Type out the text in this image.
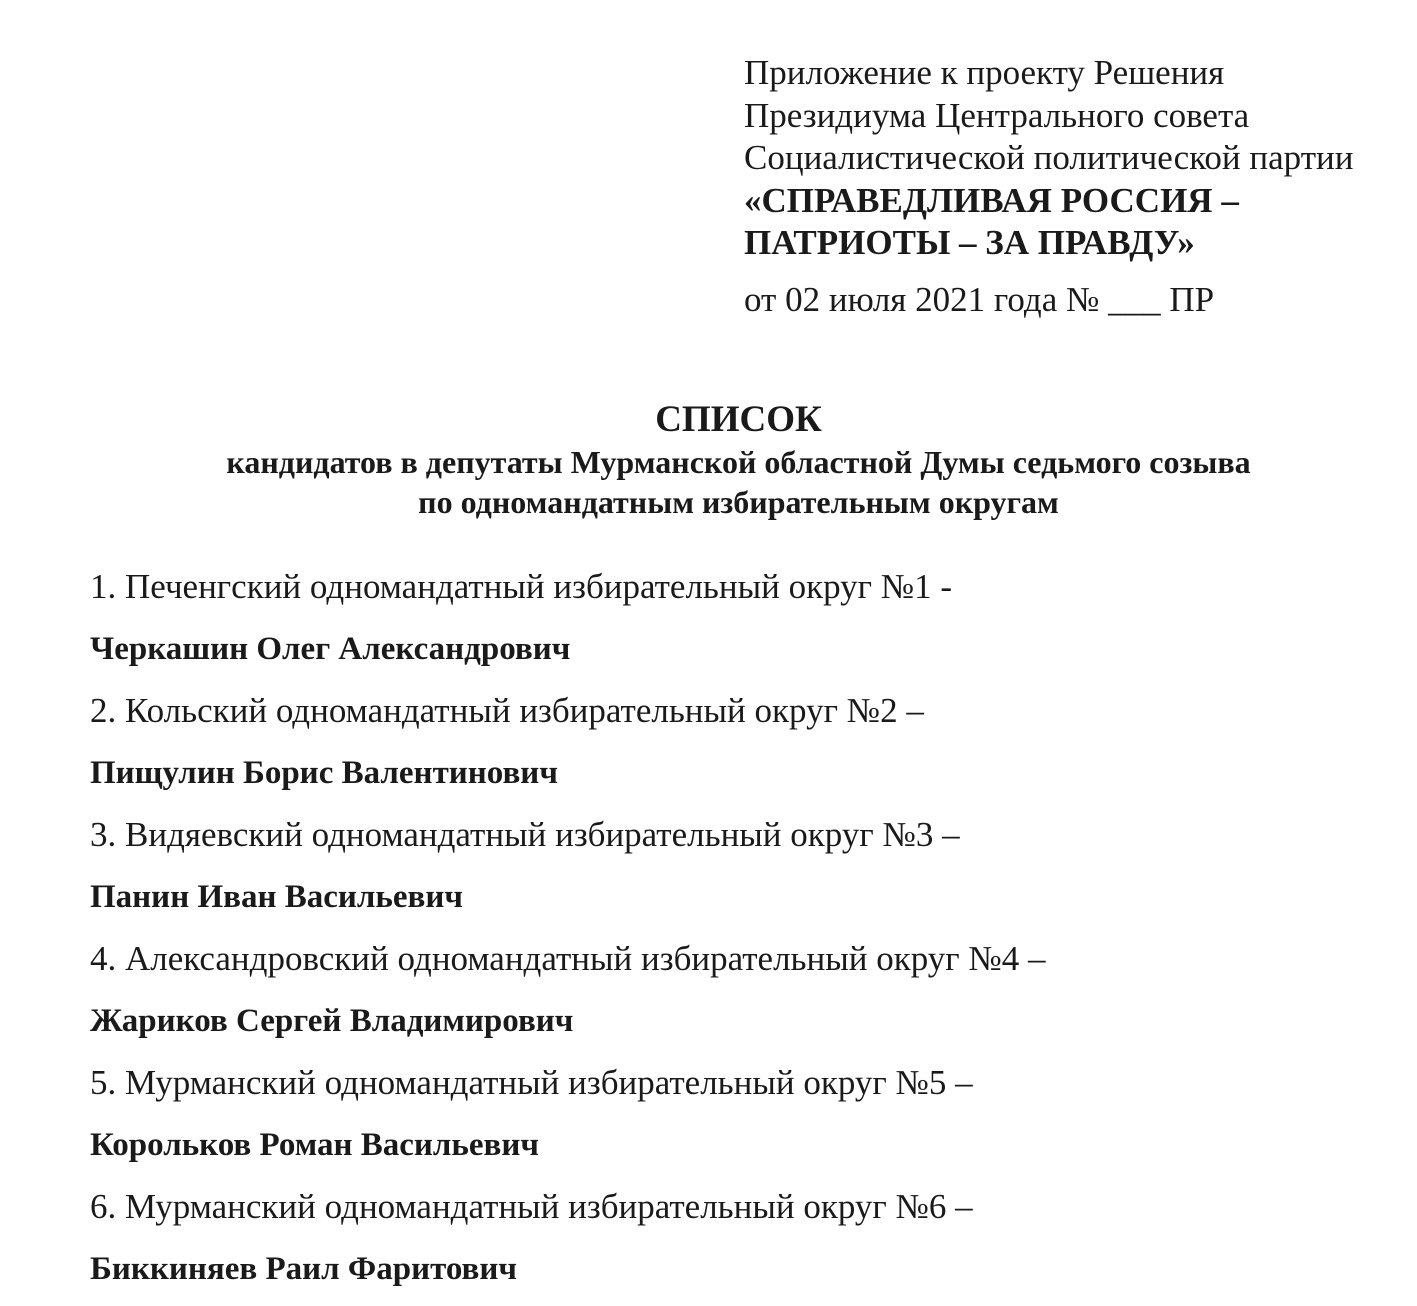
Приложение к проекту Решения
Президиума Центрального совета
Социалистической политической партии
«СПРАВЕДЛИВАЯ РОССИЯ –
ПАТРИОТЫ – ЗА ПРАВДУ»
от 02 июля 2021 года № ___ ПР
СПИСОК
кандидатов в депутаты Мурманской областной Думы седьмого созыва
по одномандатным избирательным округам
1. Печенгский одномандатный избирательный округ №1 -
Черкашин Олег Александрович
2. Кольский одномандатный избирательный округ №2 –
Пищулин Борис Валентинович
3. Видяевский одномандатный избирательный округ №3 –
Панин Иван Васильевич
4. Александровский одномандатный избирательный округ №4 –
Жариков Сергей Владимирович
5. Мурманский одномандатный избирательный округ №5 –
Корольков Роман Васильевич
6. Мурманский одномандатный избирательный округ №6 –
Биккиняев Раил Фаритович
